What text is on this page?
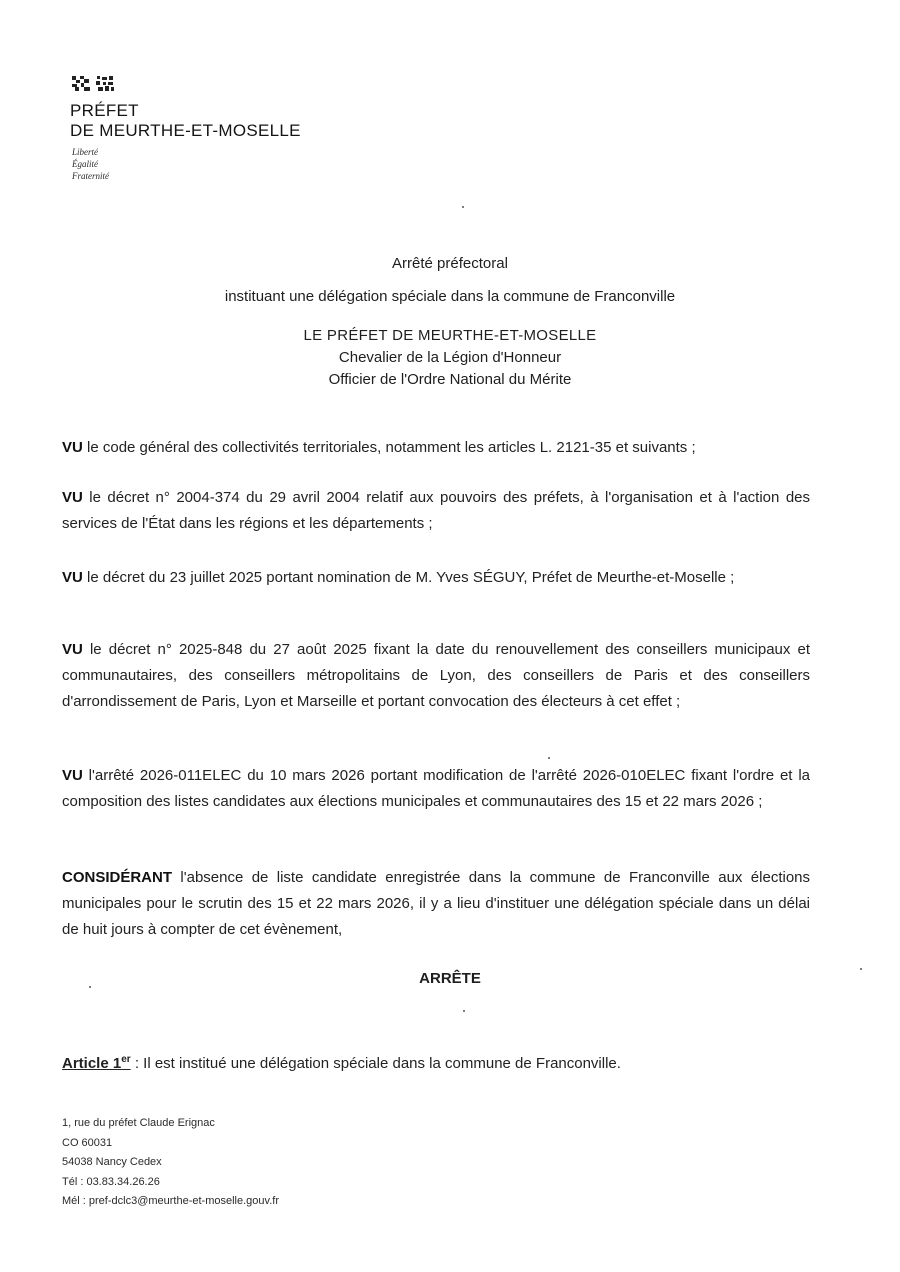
PRÉFET
DE MEURTHE-ET-MOSELLE
Liberté
Égalité
Fraternité
Arrêté préfectoral
instituant une délégation spéciale dans la commune de Franconville
LE PRÉFET DE MEURTHE-ET-MOSELLE
Chevalier de la Légion d'Honneur
Officier de l'Ordre National du Mérite
VU le code général des collectivités territoriales, notamment les articles L. 2121-35 et suivants ;
VU le décret n° 2004-374 du 29 avril 2004 relatif aux pouvoirs des préfets, à l'organisation et à l'action des services de l'État dans les régions et les départements ;
VU le décret du 23 juillet 2025 portant nomination de M. Yves SÉGUY, Préfet de Meurthe-et-Moselle ;
VU le décret n° 2025-848 du 27 août 2025 fixant la date du renouvellement des conseillers municipaux et communautaires, des conseillers métropolitains de Lyon, des conseillers de Paris et des conseillers d'arrondissement de Paris, Lyon et Marseille et portant convocation des électeurs à cet effet ;
VU l'arrêté 2026-011ELEC du 10 mars 2026 portant modification de l'arrêté 2026-010ELEC fixant l'ordre et la composition des listes candidates aux élections municipales et communautaires des 15 et 22 mars 2026 ;
CONSIDÉRANT l'absence de liste candidate enregistrée dans la commune de Franconville aux élections municipales pour le scrutin des 15 et 22 mars 2026, il y a lieu d'instituer une délégation spéciale dans un délai de huit jours à compter de cet évènement,
ARRÊTE
Article 1er : Il est institué une délégation spéciale dans la commune de Franconville.
1, rue du préfet Claude Erignac
CO 60031
54038 Nancy Cedex
Tél : 03.83.34.26.26
Mél : pref-dclc3@meurthe-et-moselle.gouv.fr
